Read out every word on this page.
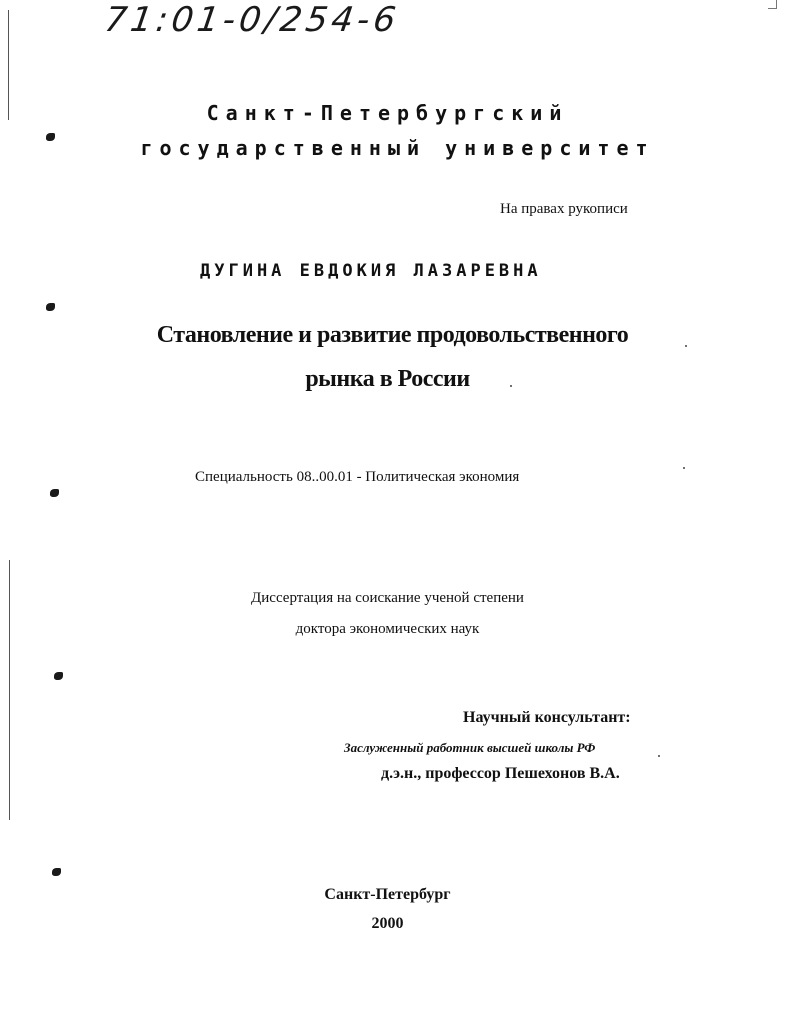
71:01-0/254-6
Санкт-Петербургский
государственный университет
На правах рукописи
ДУГИНА ЕВДОКИЯ ЛАЗАРЕВНА
Становление и развитие продовольственного
рынка в России
Специальность 08..00.01 - Политическая экономия
Диссертация на соискание ученой степени
доктора экономических наук
Научный консультант:
Заслуженный работник высшей школы РФ
д.э.н., профессор Пешехонов В.А.
Санкт-Петербург
2000
